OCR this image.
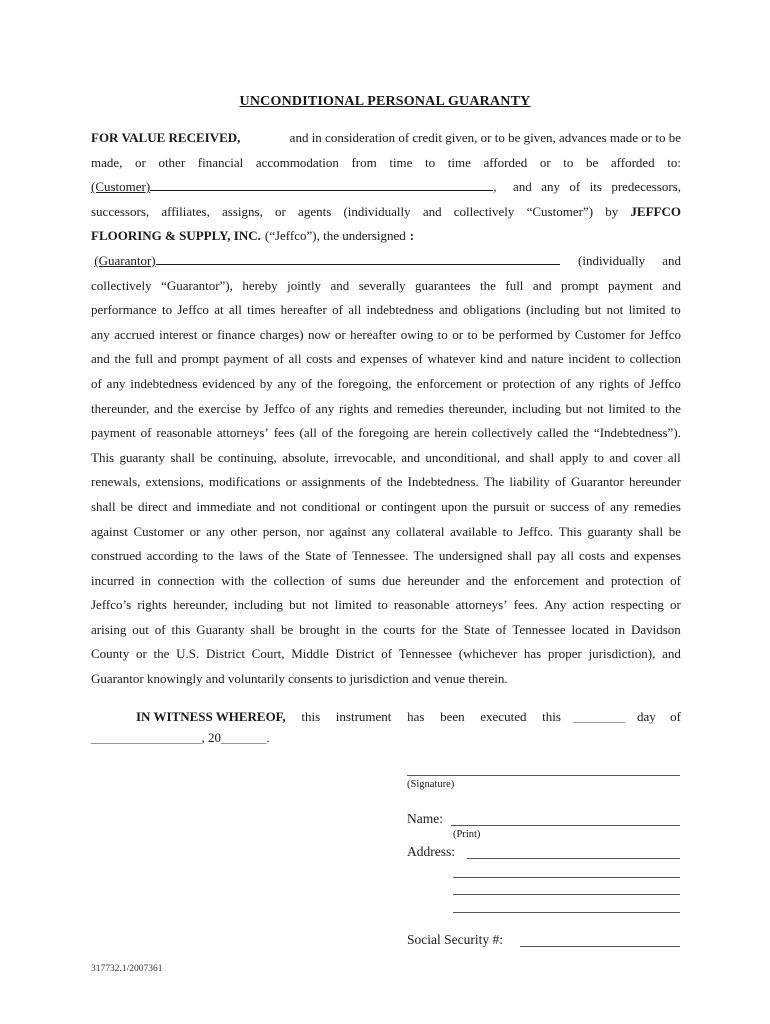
UNCONDITIONAL PERSONAL GUARANTY
FOR VALUE RECEIVED,	and in consideration of credit given, or to be given, advances made or to be
made, or other financial accommodation from time to time afforded or to be afforded to:
(Customer)	, and any of its predecessors,
successors, affiliates, assigns, or agents (individually and collectively “Customer”) by JEFFCO
FLOORING & SUPPLY, INC. (“Jeffco”), the undersigned :
(Guarantor)	(individually and
collectively “Guarantor”), hereby jointly and severally guarantees the full and prompt payment and
performance to Jeffco at all times hereafter of all indebtedness and obligations (including but not limited to
any accrued interest or finance charges) now or hereafter owing to or to be performed by Customer for Jeffco
and the full and prompt payment of all costs and expenses of whatever kind and nature incident to collection
of any indebtedness evidenced by any of the foregoing, the enforcement or protection of any rights of Jeffco
thereunder, and the exercise by Jeffco of any rights and remedies thereunder, including but not limited to the
payment of reasonable attorneys’ fees (all of the foregoing are herein collectively called the “Indebtedness”).
This guaranty shall be continuing, absolute, irrevocable, and unconditional, and shall apply to and cover all
renewals, extensions, modifications or assignments of the Indebtedness. The liability of Guarantor hereunder
shall be direct and immediate and not conditional or contingent upon the pursuit or success of any remedies
against Customer or any other person, nor against any collateral available to Jeffco. This guaranty shall be
construed according to the laws of the State of Tennessee. The undersigned shall pay all costs and expenses
incurred in connection with the collection of sums due hereunder and the enforcement and protection of
Jeffco’s rights hereunder, including but not limited to reasonable attorneys’ fees. Any action respecting or
arising out of this Guaranty shall be brought in the courts for the State of Tennessee located in Davidson
County or the U.S. District Court, Middle District of Tennessee (whichever has proper jurisdiction), and
Guarantor knowingly and voluntarily consents to jurisdiction and venue therein.
IN WITNESS WHEREOF, this instrument has been executed this ________ day of
_________________ , 20 _______ .
(Signature)
Name:
(Print)
Address:
Social Security #:
317732.1/2007361
